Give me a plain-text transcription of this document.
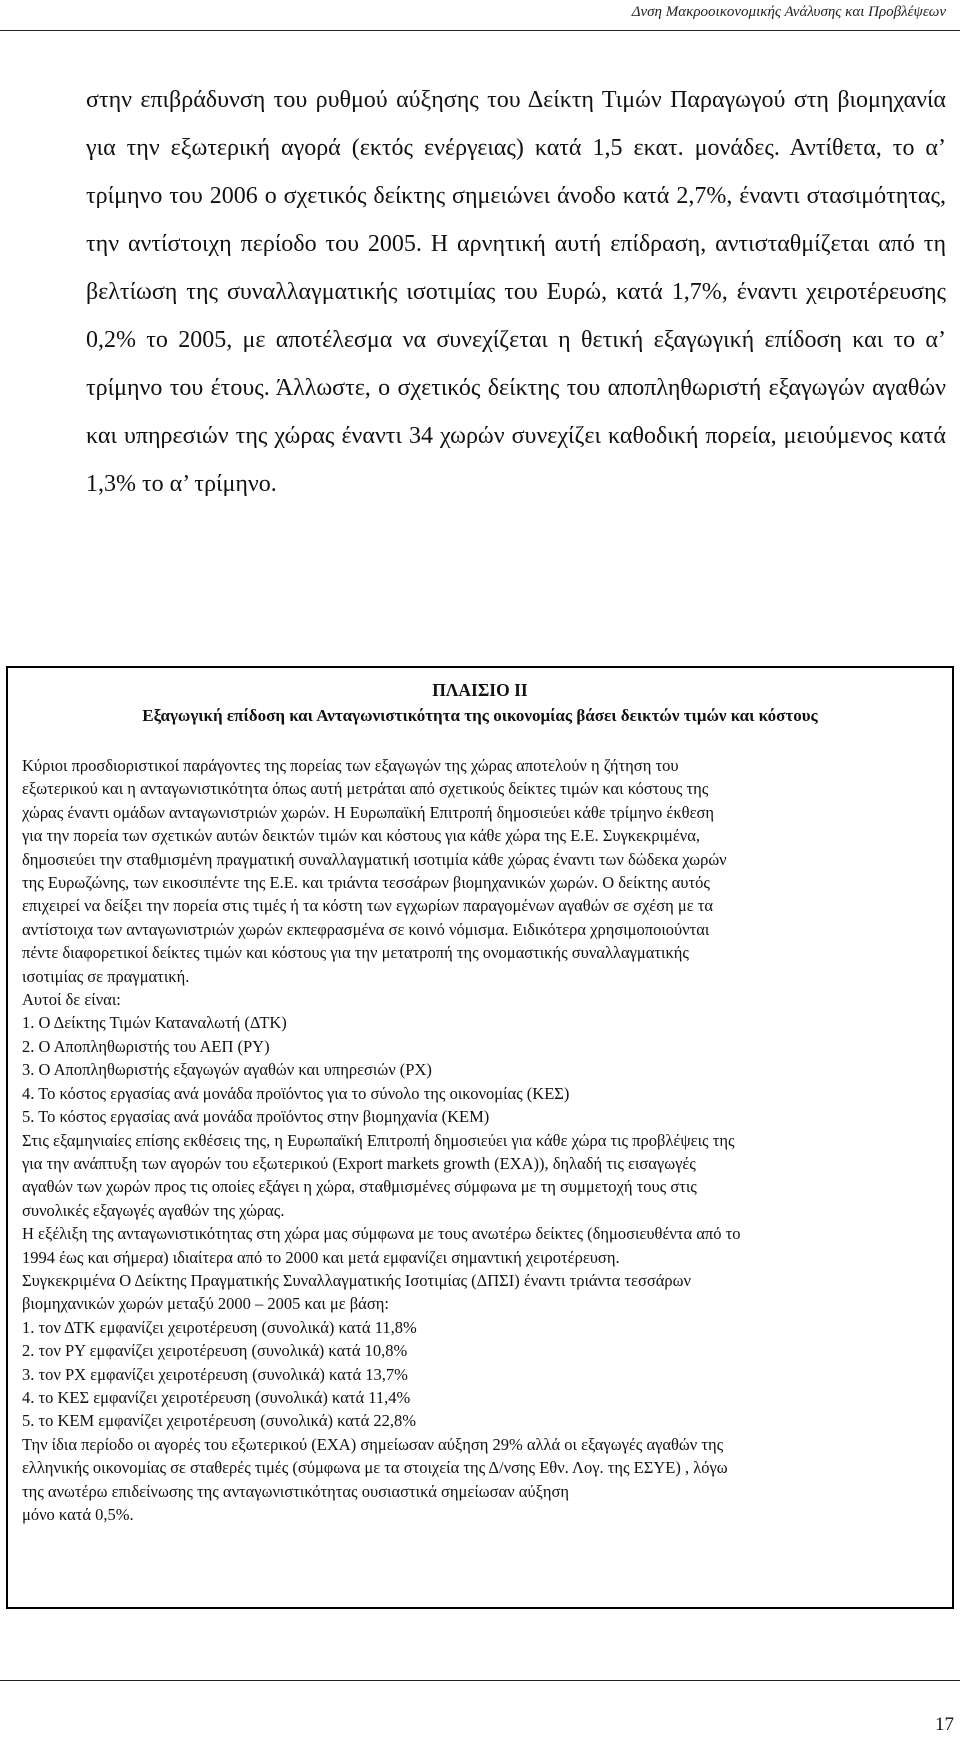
Δνση Μακροοικονομικής Ανάλυσης και Προβλέψεων

στην επιβράδυνση του ρυθμού αύξησης του Δείκτη Τιμών Παραγωγού στη βιομηχανία για την εξωτερική αγορά (εκτός ενέργειας) κατά 1,5 εκατ. μονάδες. Αντίθετα, το α’ τρίμηνο του 2006 ο σχετικός δείκτης σημειώνει άνοδο κατά 2,7%, έναντι στασιμότητας, την αντίστοιχη περίοδο του 2005. Η αρνητική αυτή επίδραση, αντισταθμίζεται από τη βελτίωση της συναλλαγματικής ισοτιμίας του Ευρώ, κατά 1,7%, έναντι χειροτέρευσης 0,2% το 2005, με αποτέλεσμα να συνεχίζεται η θετική εξαγωγική επίδοση και το α’ τρίμηνο του έτους. Άλλωστε, ο σχετικός δείκτης του αποπληθωριστή εξαγωγών αγαθών και υπηρεσιών της χώρας έναντι 34 χωρών συνεχίζει καθοδική πορεία, μειούμενος κατά 1,3% το α’ τρίμηνο.

ΠΛΑΙΣΙΟ ΙΙ
Εξαγωγική επίδοση και Ανταγωνιστικότητα της οικονομίας βάσει δεικτών τιμών και κόστους
Κύριοι προσδιοριστικοί παράγοντες της πορείας των εξαγωγών της χώρας αποτελούν η ζήτηση του
εξωτερικού και η ανταγωνιστικότητα όπως αυτή μετράται από σχετικούς δείκτες τιμών και κόστους της
χώρας έναντι ομάδων ανταγωνιστριών χωρών. Η Ευρωπαϊκή Επιτροπή δημοσιεύει κάθε τρίμηνο έκθεση
για την πορεία των σχετικών αυτών δεικτών τιμών και κόστους για κάθε χώρα της Ε.Ε. Συγκεκριμένα,
δημοσιεύει την σταθμισμένη πραγματική συναλλαγματική ισοτιμία κάθε χώρας έναντι των δώδεκα χωρών
της Ευρωζώνης, των εικοσιπέντε της Ε.Ε. και τριάντα τεσσάρων βιομηχανικών χωρών. Ο δείκτης αυτός
επιχειρεί να δείξει την πορεία στις τιμές ή τα κόστη των εγχωρίων παραγομένων αγαθών σε σχέση με τα
αντίστοιχα των ανταγωνιστριών χωρών εκπεφρασμένα σε κοινό νόμισμα. Ειδικότερα χρησιμοποιούνται
πέντε διαφορετικοί δείκτες τιμών και κόστους για την μετατροπή της ονομαστικής συναλλαγματικής
ισοτιμίας σε πραγματική.
Αυτοί δε είναι:
1. Ο Δείκτης Τιμών Καταναλωτή (ΔΤΚ)
2. Ο Αποπληθωριστής του ΑΕΠ (PY)
3. Ο Αποπληθωριστής εξαγωγών αγαθών και υπηρεσιών (PX)
4. Το κόστος εργασίας ανά μονάδα προϊόντος για το σύνολο της οικονομίας (ΚΕΣ)
5. Το κόστος εργασίας ανά μονάδα προϊόντος στην βιομηχανία (ΚΕΜ)
Στις εξαμηνιαίες επίσης εκθέσεις της, η Ευρωπαϊκή Επιτροπή δημοσιεύει για κάθε χώρα τις προβλέψεις της
για την ανάπτυξη των αγορών του εξωτερικού (Export markets growth (EXA)), δηλαδή τις εισαγωγές
αγαθών των χωρών προς τις οποίες εξάγει η χώρα, σταθμισμένες σύμφωνα με τη συμμετοχή τους στις
συνολικές εξαγωγές αγαθών της χώρας.
Η εξέλιξη της ανταγωνιστικότητας στη χώρα μας σύμφωνα με τους ανωτέρω δείκτες (δημοσιευθέντα από το
1994 έως και σήμερα) ιδιαίτερα από το 2000 και μετά εμφανίζει σημαντική χειροτέρευση.
Συγκεκριμένα Ο Δείκτης Πραγματικής Συναλλαγματικής Ισοτιμίας (ΔΠΣΙ) έναντι τριάντα τεσσάρων
βιομηχανικών χωρών μεταξύ 2000 – 2005 και με βάση:
1. τον ΔΤΚ εμφανίζει χειροτέρευση (συνολικά) κατά 11,8%
2. τον PY εμφανίζει χειροτέρευση (συνολικά) κατά 10,8%
3. τον PX εμφανίζει χειροτέρευση (συνολικά) κατά 13,7%
4. το ΚΕΣ εμφανίζει χειροτέρευση (συνολικά) κατά 11,4%
5. το ΚΕΜ εμφανίζει χειροτέρευση (συνολικά) κατά 22,8%
Την ίδια περίοδο οι αγορές του εξωτερικού (EXA) σημείωσαν αύξηση 29% αλλά οι εξαγωγές αγαθών της
ελληνικής οικονομίας σε σταθερές τιμές (σύμφωνα με τα στοιχεία της Δ/νσης Εθν. Λογ. της ΕΣΥΕ) , λόγω
της ανωτέρω επιδείνωσης της ανταγωνιστικότητας ουσιαστικά σημείωσαν αύξηση
μόνο κατά 0,5%.
17
